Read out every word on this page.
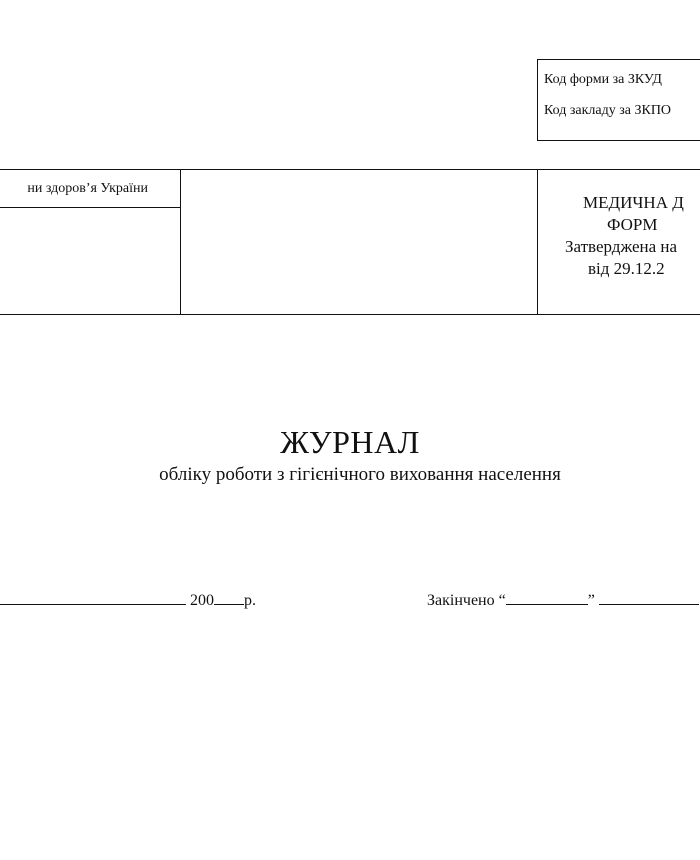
Код форми за ЗКУД
Код закладу за ЗКПО
ни здоров’я України
МЕДИЧНА Д
ФОРМ
Затверджена на
від 29.12.2
ЖУРНАЛ
обліку роботи з гігієнічного виховання населення
200 р.	Закінчено “	”
